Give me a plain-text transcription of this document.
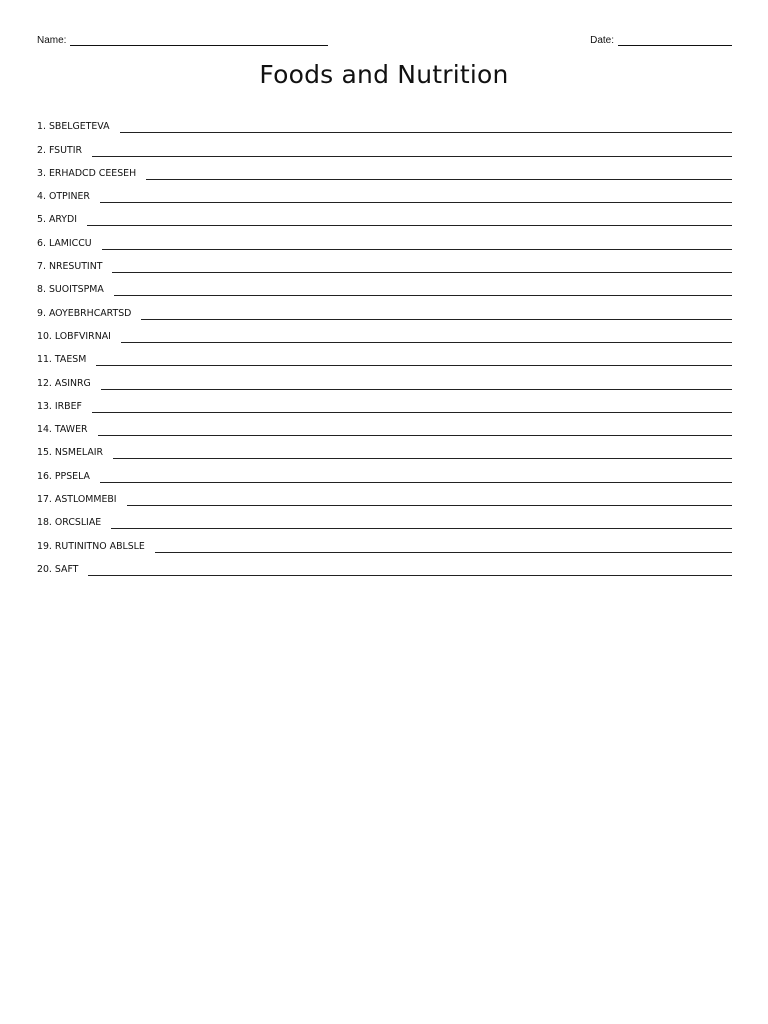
Name:	Date:
Foods and Nutrition
1.
SBELGETEVA
2.
FSUTIR
3.
ERHADCD CEESEH
4.
OTPINER
5.
ARYDI
6.
LAMICCU
7.
NRESUTINT
8.
SUOITSPMA
9.
AOYEBRHCARTSD
10.
LOBFVIRNAI
11.
TAESM
12.
ASINRG
13.
IRBEF
14.
TAWER
15.
NSMELAIR
16.
PPSELA
17.
ASTLOMMEBI
18.
ORCSLIAE
19.
RUTINITNO ABLSLE
20.
SAFT
